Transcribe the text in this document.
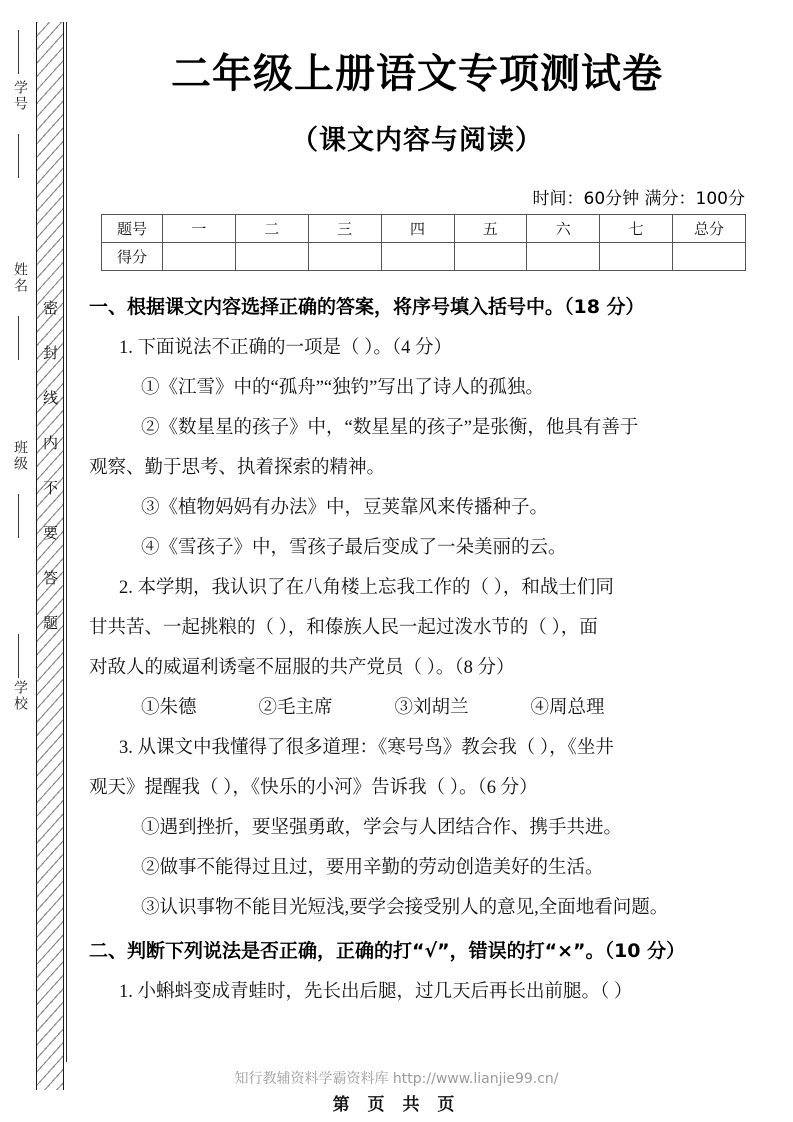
学号
姓名
班级
学校
密封线内不要答题
二年级上册语文专项测试卷
（课文内容与阅读）
时间：60分钟 满分：100分
题号	一	二	三	四	五	六	七	总分
得分								
一、根据课文内容选择正确的答案，将序号填入括号中。（18 分）
1. 下面说法不正确的一项是（ ）。（4 分）
①《江雪》中的“孤舟”“独钓”写出了诗人的孤独。
②《数星星的孩子》中，“数星星的孩子”是张衡，他具有善于
观察、勤于思考、执着探索的精神。
③《植物妈妈有办法》中，豆荚靠风来传播种子。
④《雪孩子》中，雪孩子最后变成了一朵美丽的云。
2. 本学期，我认识了在八角楼上忘我工作的（ ），和战士们同
甘共苦、一起挑粮的（ ），和傣族人民一起过泼水节的（ ），面
对敌人的威逼利诱毫不屈服的共产党员（ ）。（8 分）
①朱德	②毛主席	③刘胡兰	④周总理
3. 从课文中我懂得了很多道理：《寒号鸟》教会我（ ），《坐井
观天》提醒我（ ），《快乐的小河》告诉我（ ）。（6 分）
①遇到挫折，要坚强勇敢，学会与人团结合作、携手共进。
②做事不能得过且过，要用辛勤的劳动创造美好的生活。
③认识事物不能目光短浅,要学会接受别人的意见,全面地看问题。
二、判断下列说法是否正确，正确的打“√”，错误的打“×”。（10 分）
1. 小蝌蚪变成青蛙时，先长出后腿，过几天后再长出前腿。（ ）
知行教辅资料学霸资料库 http://www.lianjie99.cn/
第 页 共 页
